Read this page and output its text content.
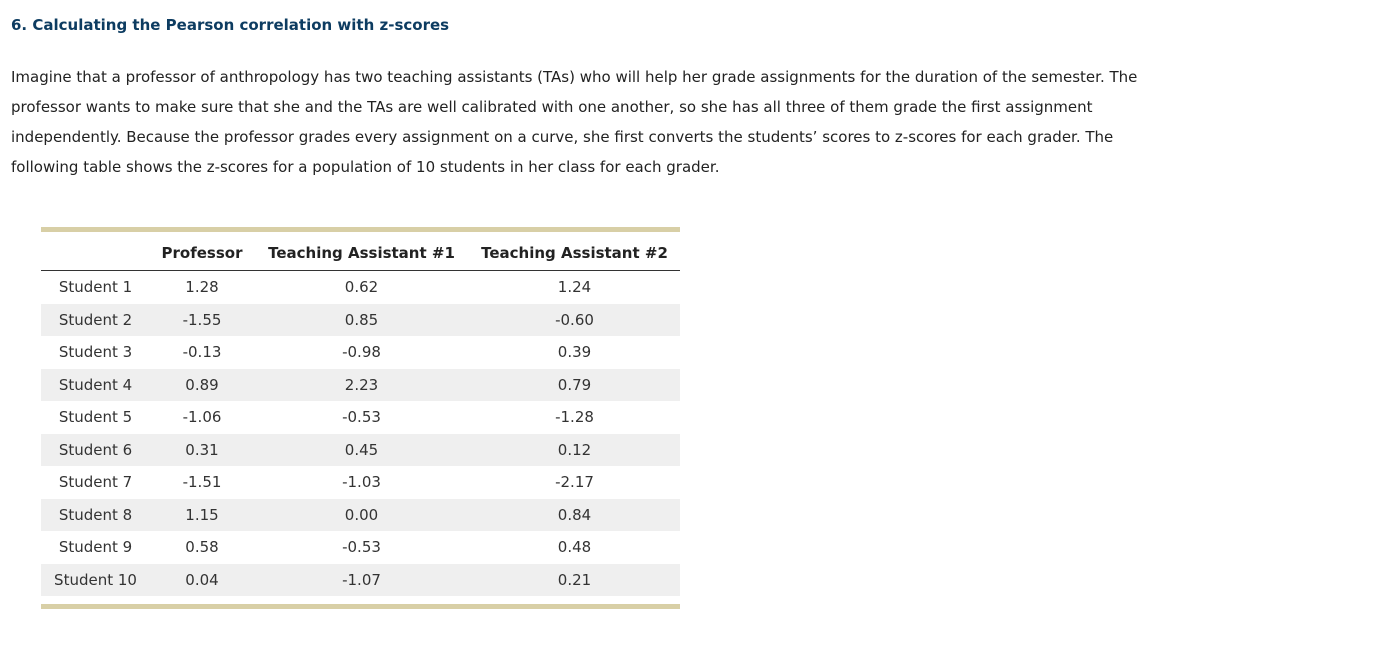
6. Calculating the Pearson correlation with z-scores

Imagine that a professor of anthropology has two teaching assistants (TAs) who will help her grade assignments for the duration of the semester. The professor wants to make sure that she and the TAs are well calibrated with one another, so she has all three of them grade the first assignment independently. Because the professor grades every assignment on a curve, she first converts the students’ scores to z-scores for each grader. The following table shows the z-scores for a population of 10 students in her class for each grader.

	Professor	Teaching Assistant #1	Teaching Assistant #2
Student 1	1.28	0.62	1.24
Student 2	-1.55	0.85	-0.60
Student 3	-0.13	-0.98	0.39
Student 4	0.89	2.23	0.79
Student 5	-1.06	-0.53	-1.28
Student 6	0.31	0.45	0.12
Student 7	-1.51	-1.03	-2.17
Student 8	1.15	0.00	0.84
Student 9	0.58	-0.53	0.48
Student 10	0.04	-1.07	0.21
